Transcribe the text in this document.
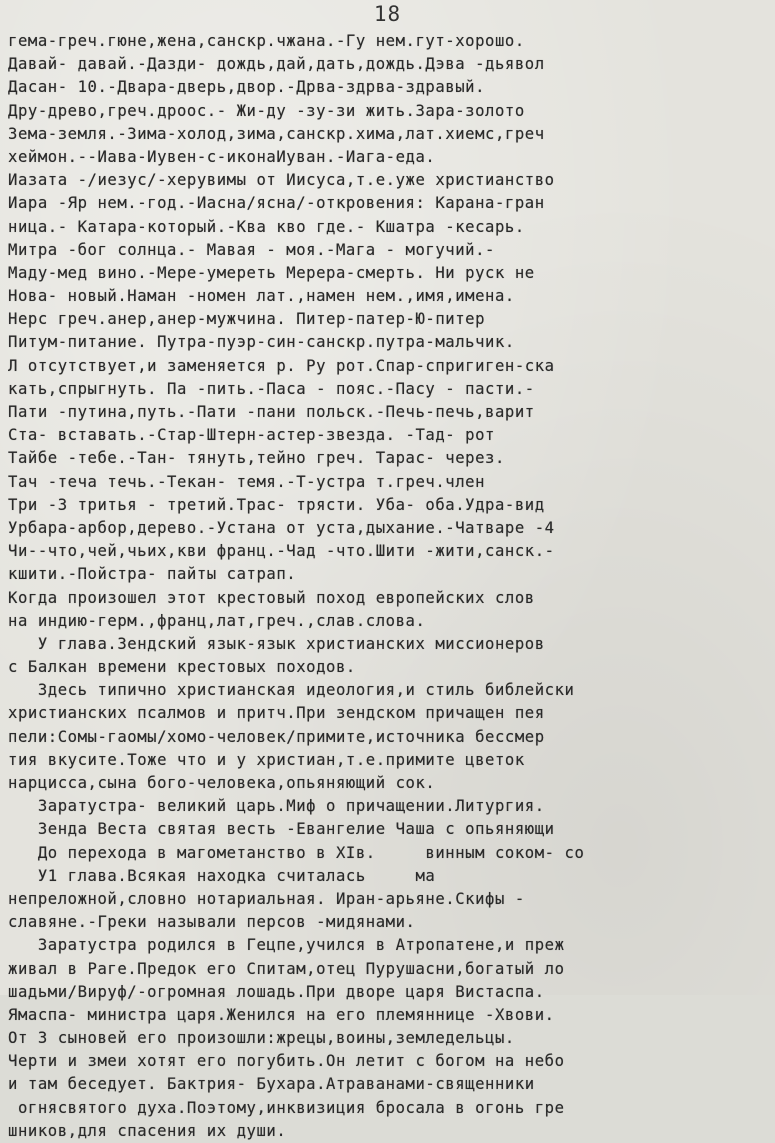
18
гема-греч.гюне,жена,санскр.чжана.-Гу нем.гут-хорошо.
Давай- давай.-Дазди- дождь,дай,дать,дождь.Дэва -дьявол
Дасан- 10.-Двара-дверь,двор.-Дрва-здрва-здравый.
Дру-древо,греч.дроос.- Жи-ду -зу-зи жить.Зара-золото
Зема-земля.-Зима-холод,зима,санскр.хима,лат.хиемс,греч
хеймон.--Иава-Иувен-с-иконаИуван.-Иага-еда.
Иазата -/иезус/-херувимы от Иисуса,т.е.уже христианство
Иара -Яр нем.-год.-Иасна/ясна/-откровения: Карана-гран
ница.- Катара-который.-Ква кво где.- Кшатра -кесарь.
Митра -бог солнца.- Мавая - моя.-Мага - могучий.-
Маду-мед вино.-Мере-умереть Мерера-смерть. Ни руск не
Нова- новый.Наман -номен лат.,намен нем.,имя,имена.
Нерс греч.анер,анер-мужчина. Питер-патер-Ю-питер
Питум-питание. Путра-пуэр-син-санскр.путра-мальчик.
Л отсутствует,и заменяется р. Ру рот.Спар-спригиген-ска
кать,спрыгнуть. Па -пить.-Паса - пояс.-Пасу - пасти.-
Пати -путина,путь.-Пати -пани польск.-Печь-печь,варит
Ста- вставать.-Стар-Штерн-астер-звезда. -Тад- рот
Тайбе -тебе.-Тан- тянуть,тейно греч. Тарас- через.
Тач -теча течь.-Текан- темя.-Т-устра т.греч.член
Три -3 тритья - третий.Трас- трясти. Уба- оба.Удра-вид
Урбара-арбор,дерево.-Устана от уста,дыхание.-Чатваре -4
Чи--что,чей,чьих,кви франц.-Чад -что.Шити -жити,санск.-
кшити.-Пойстра- пайты сатрап.
Когда произошел этот крестовый поход европейских слов
на индию-герм.,франц,лат,греч.,слав.слова.
У глава.Зендский язык-язык христианских миссионеров
с Балкан времени крестовых походов.
Здесь типично христианская идеология,и стиль библейски
христианских псалмов и притч.При зендском причащен пея
пели:Сомы-гаомы/хомо-человек/примите,источника бессмер
тия вкусите.Тоже что и у христиан,т.е.примите цветок
нарцисса,сына бого-человека,опьяняющий сок.
Заратустра- великий царь.Миф о причащении.Литургия.
Зенда Веста святая весть -Евангелие Чаша с опьяняющи
До перехода в магометанство в XIв.     винным соком- со
У1 глава.Всякая находка считалась     ма
непреложной,словно нотариальная. Иран-арьяне.Скифы -
славяне.-Греки называли персов -мидянами.
Заратустра родился в Гецпе,учился в Атропатене,и преж
живал в Раге.Предок его Спитам,отец Пурушасни,богатый ло
шадьми/Вируф/-огромная лошадь.При дворе царя Вистаспа.
Ямаспа- министра царя.Женился на его племяннице -Хвови.
От 3 сыновей его произошли:жрецы,воины,земледельцы.
Черти и змеи хотят его погубить.Он летит с богом на небо
и там беседует. Бактрия- Бухара.Атраванами-священники
огнясвятого духа.Поэтому,инквизиция бросала в огонь гре
шников,для спасения их души.
